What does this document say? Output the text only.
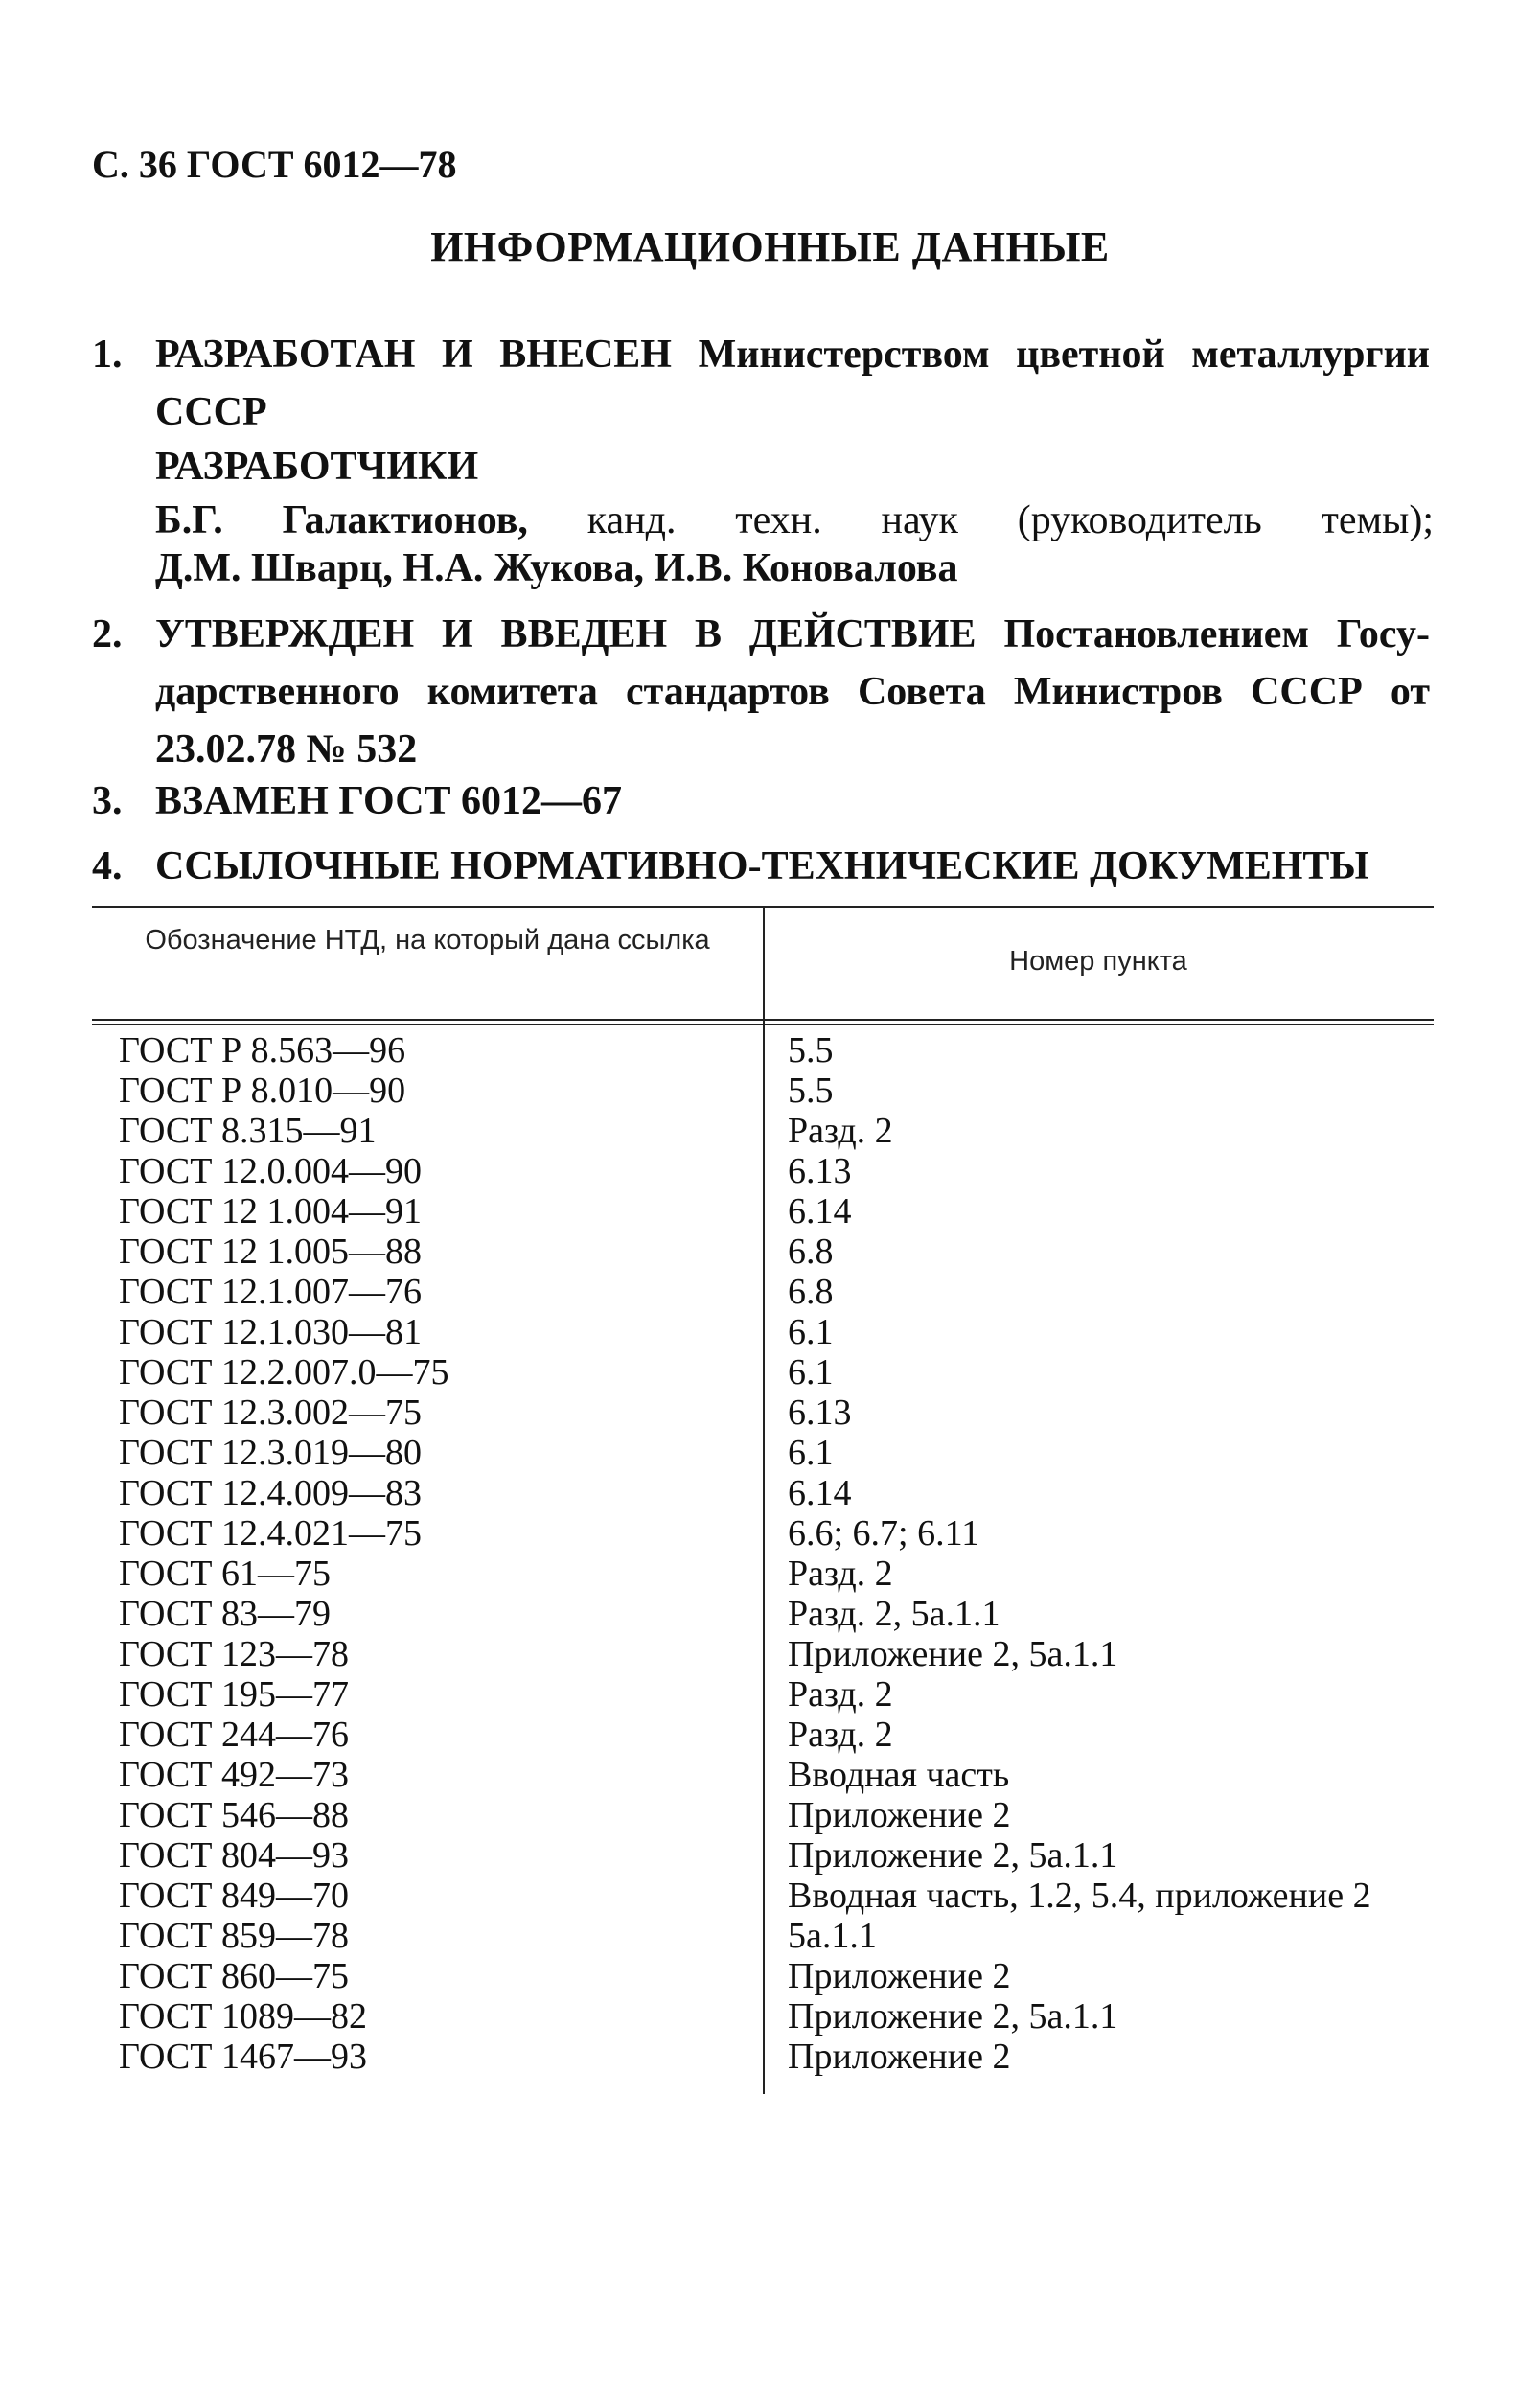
С. 36 ГОСТ 6012—78
ИНФОРМАЦИОННЫЕ ДАННЫЕ
1. РАЗРАБОТАН И ВНЕСЕН Министерством цветной металлургии
СССР
РАЗРАБОТЧИКИ
Б.Г. Галактионов, канд. техн. наук (руководитель темы);
Д.М. Шварц, Н.А. Жукова, И.В. Коновалова
2. УТВЕРЖДЕН И ВВЕДЕН В ДЕЙСТВИЕ Постановлением Госу-
дарственного комитета стандартов Совета Министров СССР от
23.02.78 № 532
3. ВЗАМЕН ГОСТ 6012—67
4. ССЫЛОЧНЫЕ НОРМАТИВНО-ТЕХНИЧЕСКИЕ ДОКУМЕНТЫ
Обозначение НТД, на который дана ссылка
Номер пункта
ГОСТ Р 8.563—96	5.5
ГОСТ Р 8.010—90	5.5
ГОСТ 8.315—91	Разд. 2
ГОСТ 12.0.004—90	6.13
ГОСТ 12 1.004—91	6.14
ГОСТ 12 1.005—88	6.8
ГОСТ 12.1.007—76	6.8
ГОСТ 12.1.030—81	6.1
ГОСТ 12.2.007.0—75	6.1
ГОСТ 12.3.002—75	6.13
ГОСТ 12.3.019—80	6.1
ГОСТ 12.4.009—83	6.14
ГОСТ 12.4.021—75	6.6; 6.7; 6.11
ГОСТ 61—75	Разд. 2
ГОСТ 83—79	Разд. 2, 5а.1.1
ГОСТ 123—78	Приложение 2, 5а.1.1
ГОСТ 195—77	Разд. 2
ГОСТ 244—76	Разд. 2
ГОСТ 492—73	Вводная часть
ГОСТ 546—88	Приложение 2
ГОСТ 804—93	Приложение 2, 5а.1.1
ГОСТ 849—70	Вводная часть, 1.2, 5.4, приложение 2
ГОСТ 859—78	5а.1.1
ГОСТ 860—75	Приложение 2
ГОСТ 1089—82	Приложение 2, 5а.1.1
ГОСТ 1467—93	Приложение 2
